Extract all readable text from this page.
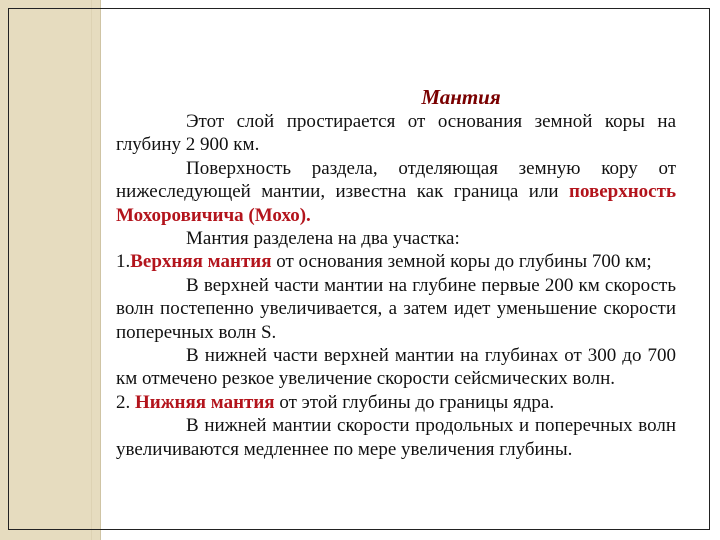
Мантия

Этот слой простирается от основания земной коры на глубину 2 900 км.

Поверхность раздела, отделяющая земную кору от нижеследующей мантии, известна как граница или поверхность Мохоровичича (Мохо).

Мантия разделена на два участка:

1.Верхняя мантия от основания земной коры до глубины 700 км;

В верхней части мантии на глубине первые 200 км скорость волн постепенно увеличивается, а затем идет уменьшение скорости поперечных волн S.

В нижней части верхней мантии на глубинах от 300 до 700 км отмечено резкое увеличение скорости сейсмических волн.

2. Нижняя мантия от этой глубины до границы ядра.

В нижней мантии скорости продольных и поперечных волн увеличиваются медленнее по мере увеличения глубины.
